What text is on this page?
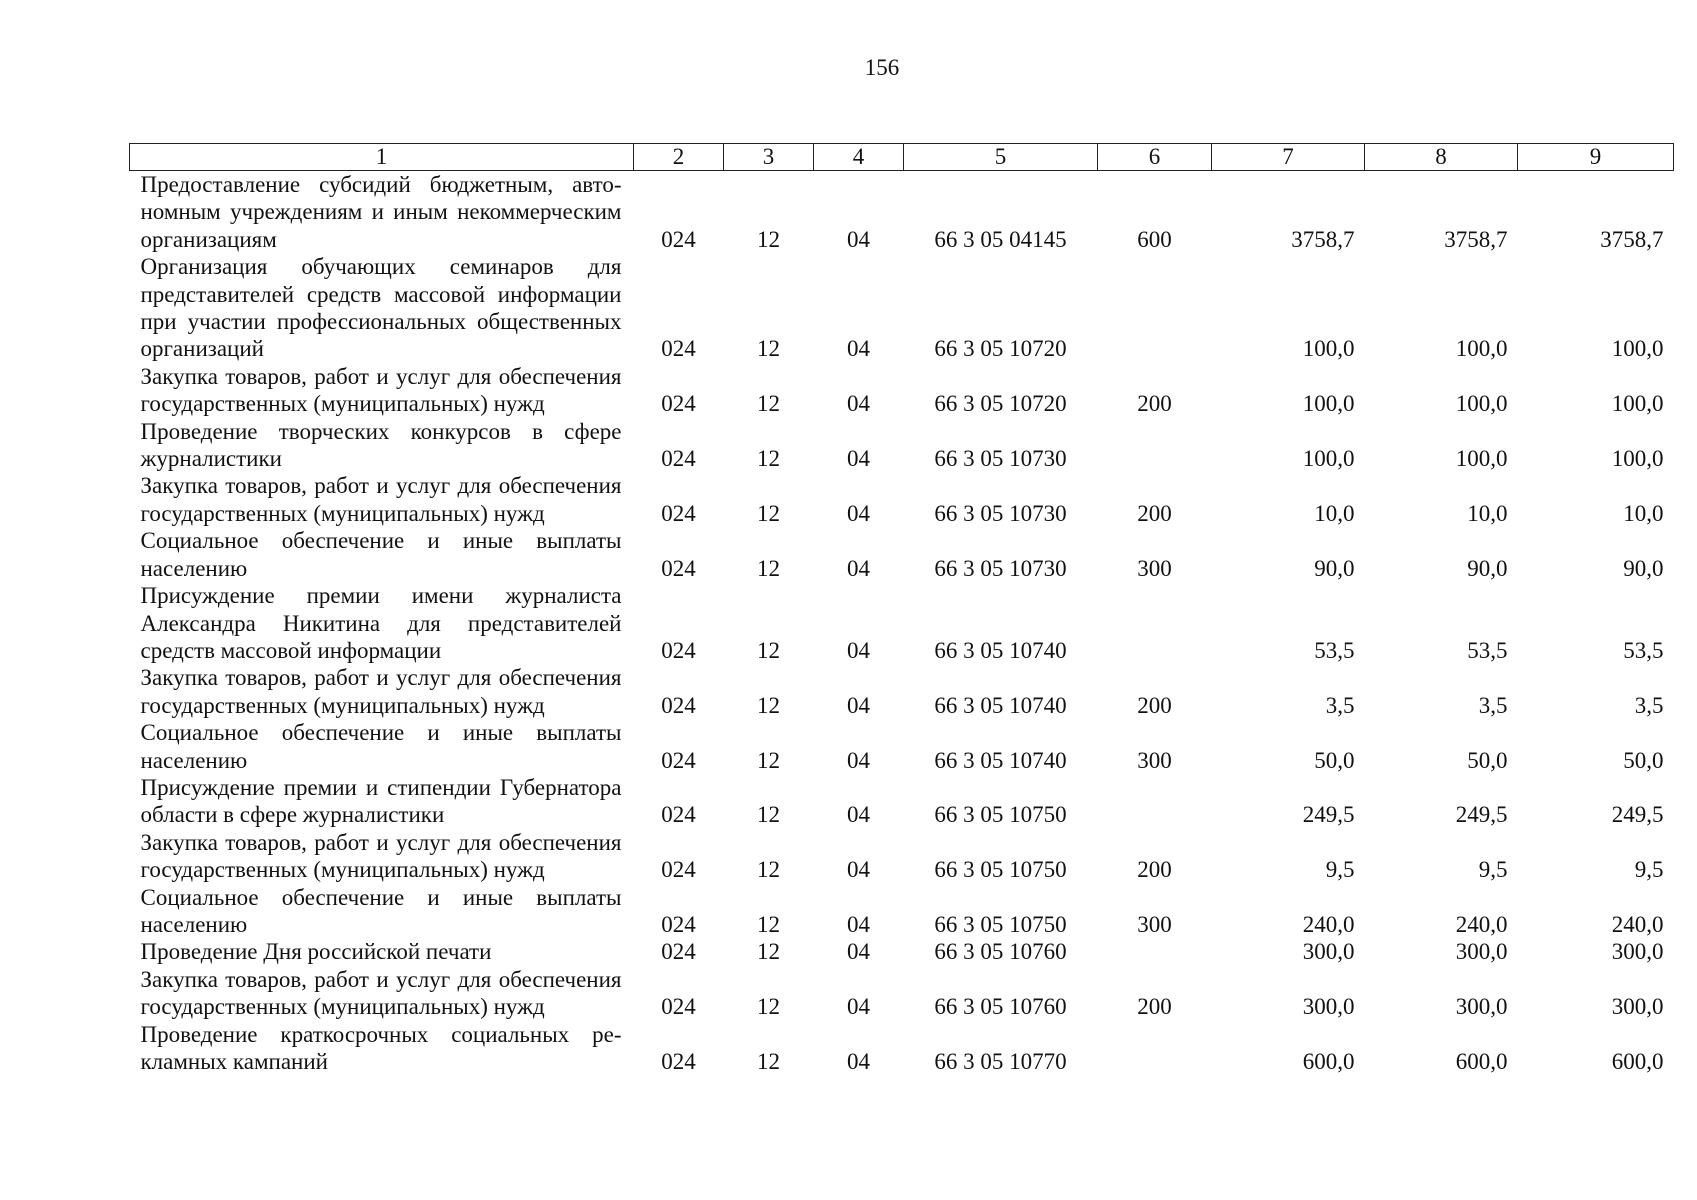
156
1	2	3	4	5	6	7	8	9
Предоставление субсидий бюджетным, автономным учреждениям и иным некоммерческим организациям	024	12	04	66 3 05 04145	600	3758,7	3758,7	3758,7
Организация обучающих семинаров для представителей средств массовой информации при участии профессиональных общественных организаций	024	12	04	66 3 05 10720		100,0	100,0	100,0
Закупка товаров, работ и услуг для обеспечения государственных (муниципальных) нужд	024	12	04	66 3 05 10720	200	100,0	100,0	100,0
Проведение творческих конкурсов в сфере журналистики	024	12	04	66 3 05 10730		100,0	100,0	100,0
Закупка товаров, работ и услуг для обеспечения государственных (муниципальных) нужд	024	12	04	66 3 05 10730	200	10,0	10,0	10,0
Социальное обеспечение и иные выплаты населению	024	12	04	66 3 05 10730	300	90,0	90,0	90,0
Присуждение премии имени журналиста Александра Никитина для представителей средств массовой информации	024	12	04	66 3 05 10740		53,5	53,5	53,5
Закупка товаров, работ и услуг для обеспечения государственных (муниципальных) нужд	024	12	04	66 3 05 10740	200	3,5	3,5	3,5
Социальное обеспечение и иные выплаты населению	024	12	04	66 3 05 10740	300	50,0	50,0	50,0
Присуждение премии и стипендии Губернатора области в сфере журналистики	024	12	04	66 3 05 10750		249,5	249,5	249,5
Закупка товаров, работ и услуг для обеспечения государственных (муниципальных) нужд	024	12	04	66 3 05 10750	200	9,5	9,5	9,5
Социальное обеспечение и иные выплаты населению	024	12	04	66 3 05 10750	300	240,0	240,0	240,0
Проведение Дня российской печати	024	12	04	66 3 05 10760		300,0	300,0	300,0
Закупка товаров, работ и услуг для обеспечения государственных (муниципальных) нужд	024	12	04	66 3 05 10760	200	300,0	300,0	300,0
Проведение краткосрочных социальных рекламных кампаний	024	12	04	66 3 05 10770		600,0	600,0	600,0
